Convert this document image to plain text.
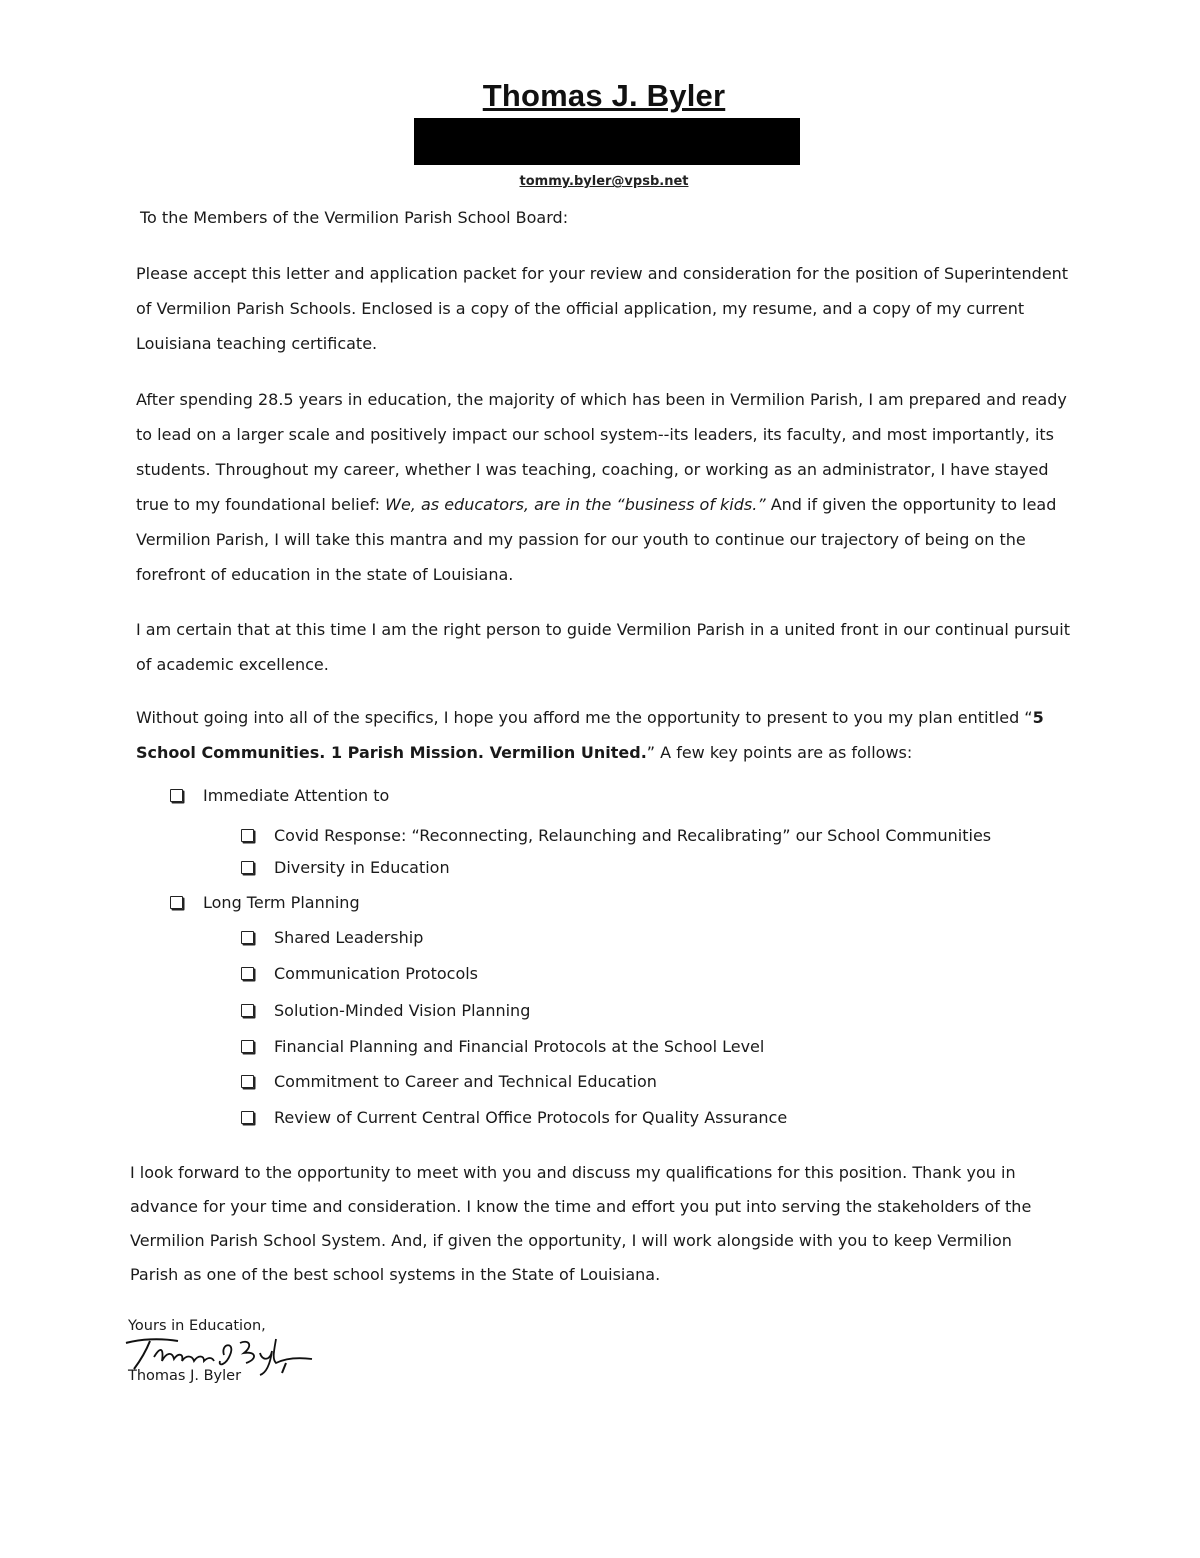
Thomas J. Byler
tommy.byler@vpsb.net
To the Members of the Vermilion Parish School Board:
Please accept this letter and application packet for your review and consideration for the position of Superintendent of Vermilion Parish Schools. Enclosed is a copy of the official application, my resume, and a copy of my current Louisiana teaching certificate.
After spending 28.5 years in education, the majority of which has been in Vermilion Parish, I am prepared and ready to lead on a larger scale and positively impact our school system--its leaders, its faculty, and most importantly, its students. Throughout my career, whether I was teaching, coaching, or working as an administrator, I have stayed true to my foundational belief: We, as educators, are in the “business of kids.” And if given the opportunity to lead Vermilion Parish, I will take this mantra and my passion for our youth to continue our trajectory of being on the forefront of education in the state of Louisiana.
I am certain that at this time I am the right person to guide Vermilion Parish in a united front in our continual pursuit of academic excellence.
Without going into all of the specifics, I hope you afford me the opportunity to present to you my plan entitled “5 School Communities. 1 Parish Mission. Vermilion United.” A few key points are as follows:
Immediate Attention to
Covid Response: “Reconnecting, Relaunching and Recalibrating” our School Communities
Diversity in Education
Long Term Planning
Shared Leadership
Communication Protocols
Solution-Minded Vision Planning
Financial Planning and Financial Protocols at the School Level
Commitment to Career and Technical Education
Review of Current Central Office Protocols for Quality Assurance
I look forward to the opportunity to meet with you and discuss my qualifications for this position. Thank you in advance for your time and consideration. I know the time and effort you put into serving the stakeholders of the Vermilion Parish School System. And, if given the opportunity, I will work alongside with you to keep Vermilion Parish as one of the best school systems in the State of Louisiana.
Yours in Education,
Thomas J. Byler
